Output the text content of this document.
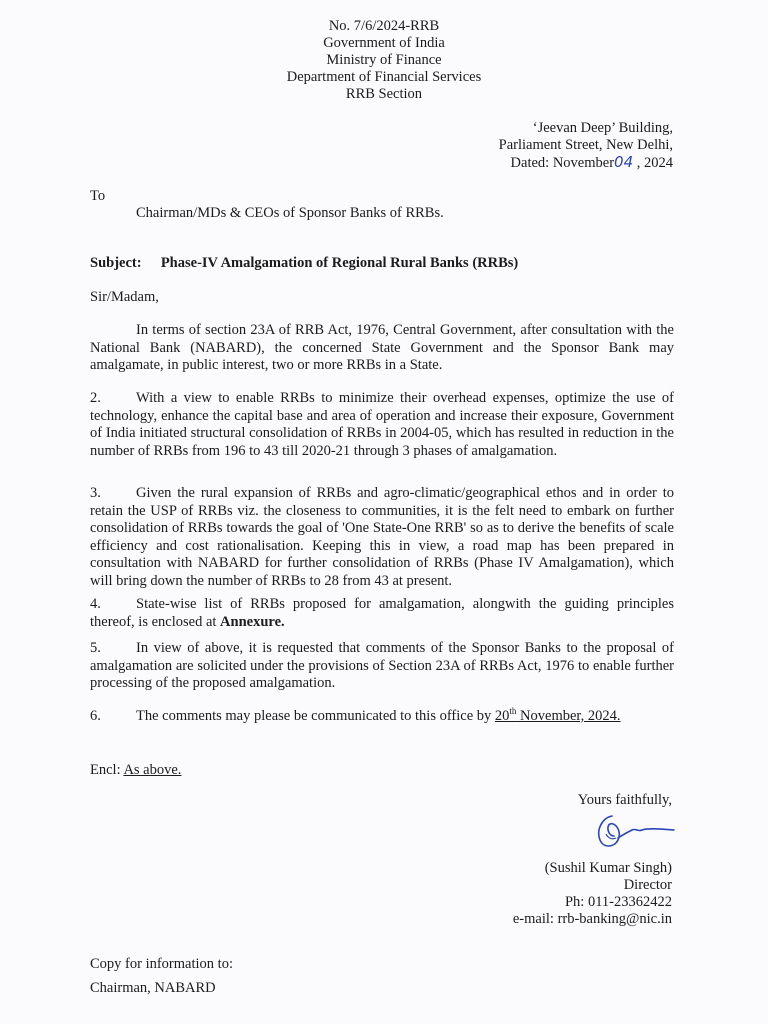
No. 7/6/2024-RRB
Government of India
Ministry of Finance
Department of Financial Services
RRB Section
‘Jeevan Deep’ Building,
Parliament Street, New Delhi,
Dated: November04 , 2024
To
Chairman/MDs & CEOs of Sponsor Banks of RRBs.
Subject: Phase-IV Amalgamation of Regional Rural Banks (RRBs)
Sir/Madam,
In terms of section 23A of RRB Act, 1976, Central Government, after consultation with the National Bank (NABARD), the concerned State Government and the Sponsor Bank may amalgamate, in public interest, two or more RRBs in a State.
2. With a view to enable RRBs to minimize their overhead expenses, optimize the use of technology, enhance the capital base and area of operation and increase their exposure, Government of India initiated structural consolidation of RRBs in 2004-05, which has resulted in reduction in the number of RRBs from 196 to 43 till 2020-21 through 3 phases of amalgamation.
3. Given the rural expansion of RRBs and agro-climatic/geographical ethos and in order to retain the USP of RRBs viz. the closeness to communities, it is the felt need to embark on further consolidation of RRBs towards the goal of 'One State-One RRB' so as to derive the benefits of scale efficiency and cost rationalisation. Keeping this in view, a road map has been prepared in consultation with NABARD for further consolidation of RRBs (Phase IV Amalgamation), which will bring down the number of RRBs to 28 from 43 at present.
4. State-wise list of RRBs proposed for amalgamation, alongwith the guiding principles thereof, is enclosed at Annexure.
5. In view of above, it is requested that comments of the Sponsor Banks to the proposal of amalgamation are solicited under the provisions of Section 23A of RRBs Act, 1976 to enable further processing of the proposed amalgamation.
6. The comments may please be communicated to this office by 20th November, 2024.
Encl: As above.
Yours faithfully,
(Sushil Kumar Singh)
Director
Ph: 011-23362422
e-mail: rrb-banking@nic.in
Copy for information to:
Chairman, NABARD
